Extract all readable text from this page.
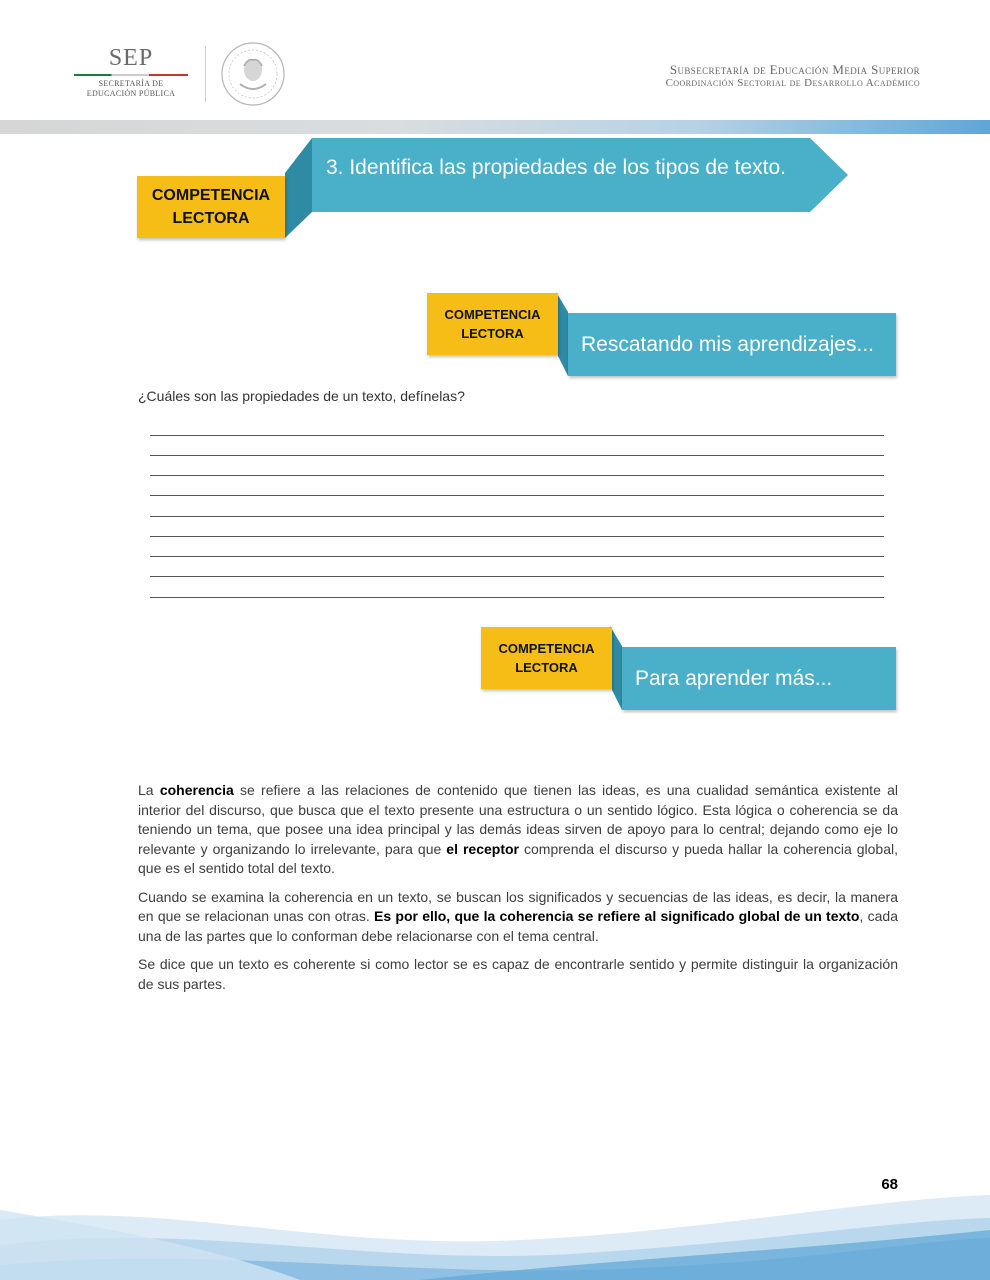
SEP
SECRETARÍA DE
EDUCACIÓN PÚBLICA
Subsecretaría de Educación Media Superior
Coordinación Sectorial de Desarrollo Académico
3. Identifica las propiedades de los tipos de texto.
COMPETENCIA
LECTORA
Rescatando mis aprendizajes...
COMPETENCIA
LECTORA
¿Cuáles son las propiedades de un texto, defínelas?
Para aprender más...
COMPETENCIA
LECTORA

La coherencia se refiere a las relaciones de contenido que tienen las ideas, es una cualidad semántica existente al interior del discurso, que busca que el texto presente una estructura o un sentido lógico. Esta lógica o coherencia se da teniendo un tema, que posee una idea principal y las demás ideas sirven de apoyo para lo central; dejando como eje lo relevante y organizando lo irrelevante, para que el receptor comprenda el discurso y pueda hallar la coherencia global, que es el sentido total del texto.

Cuando se examina la coherencia en un texto, se buscan los significados y secuencias de las ideas, es decir, la manera en que se relacionan unas con otras. Es por ello, que la coherencia se refiere al significado global de un texto, cada una de las partes que lo conforman debe relacionarse con el tema central.

Se dice que un texto es coherente si como lector se es capaz de encontrarle sentido y permite distinguir la organización de sus partes.

68
